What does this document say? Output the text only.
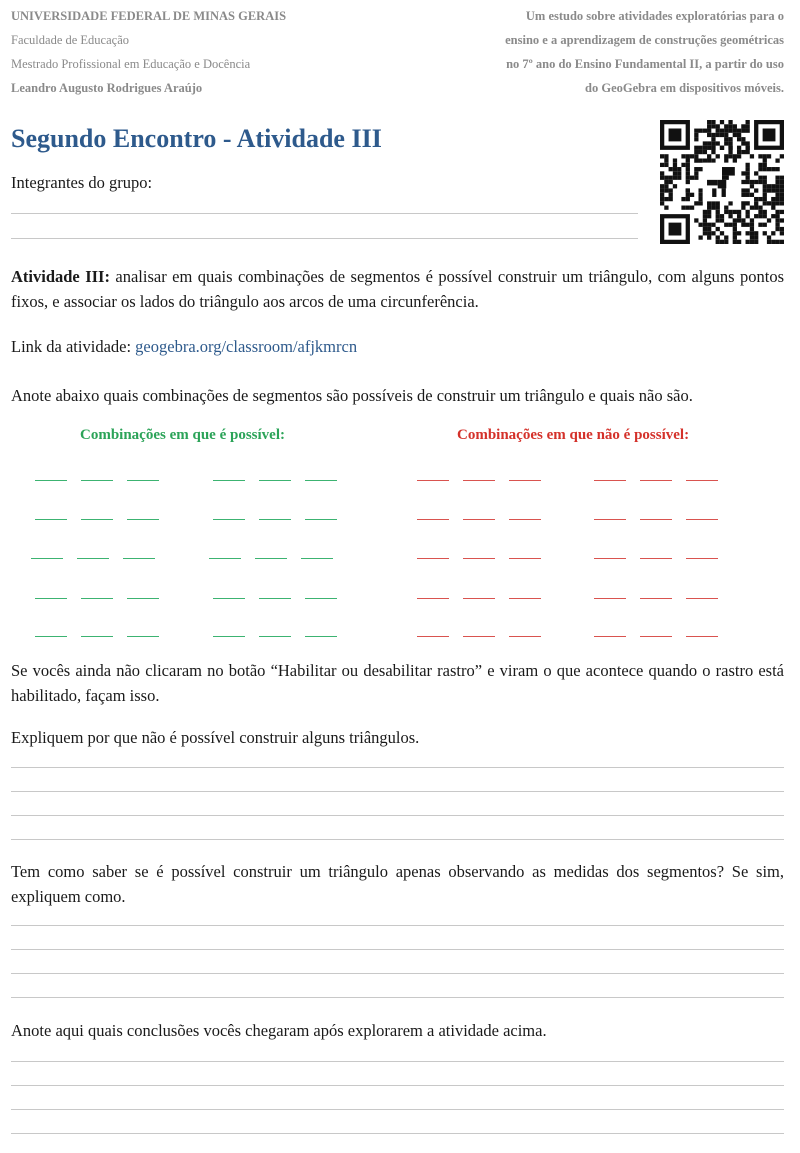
UNIVERSIDADE FEDERAL DE MINAS GERAIS
Faculdade de Educação
Mestrado Profissional em Educação e Docência
Leandro Augusto Rodrigues Araújo
Um estudo sobre atividades exploratórias para o
ensino e a aprendizagem de construções geométricas
no 7º ano do Ensino Fundamental II, a partir do uso
do GeoGebra em dispositivos móveis.
Segundo Encontro - Atividade III
Integrantes do grupo:
Atividade III: analisar em quais combinações de segmentos é possível construir um triângulo, com alguns pontos fixos, e associar os lados do triângulo aos arcos de uma circunferência.
Link da atividade: geogebra.org/classroom/afjkmrcn
Anote abaixo quais combinações de segmentos são possíveis de construir um triângulo e quais não são.
Combinações em que é possível:	Combinações em que não é possível:
Se vocês ainda não clicaram no botão “Habilitar ou desabilitar rastro” e viram o que acontece quando o rastro está habilitado, façam isso.
Expliquem por que não é possível construir alguns triângulos.
Tem como saber se é possível construir um triângulo apenas observando as medidas dos segmentos? Se sim, expliquem como.
Anote aqui quais conclusões vocês chegaram após explorarem a atividade acima.
